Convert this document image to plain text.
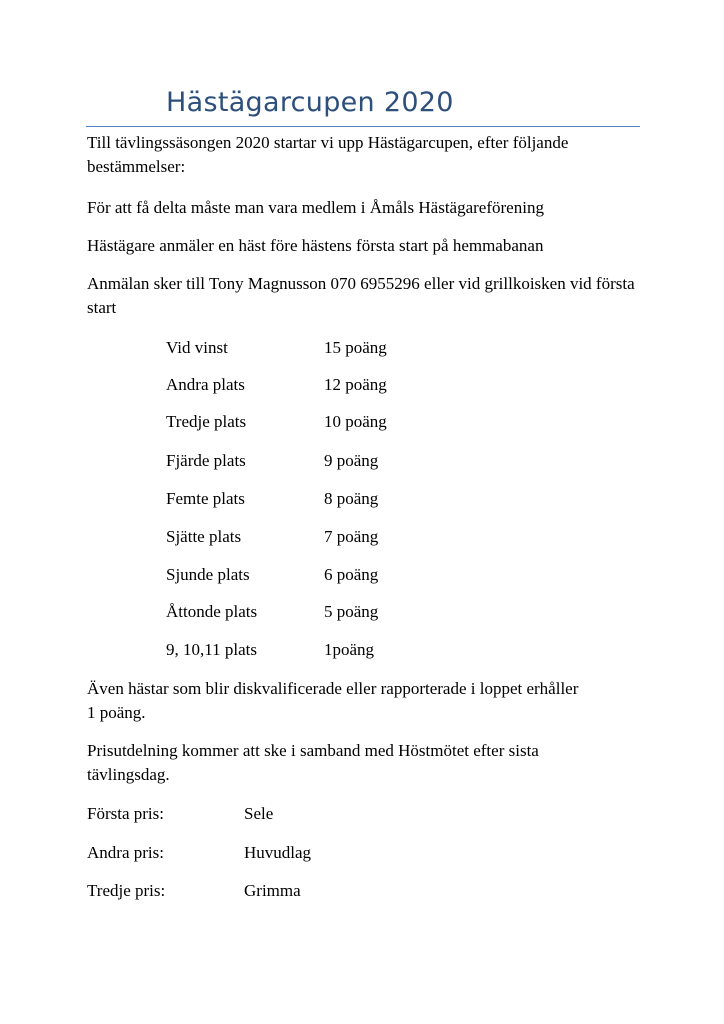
Hästägarcupen 2020

Till tävlingssäsongen 2020 startar vi upp Hästägarcupen, efter följande bestämmelser:

För att få delta måste man vara medlem i Åmåls Hästägareförening

Hästägare anmäler en häst före hästens första start på hemmabanan

Anmälan sker till Tony Magnusson 070 6955296 eller vid grillkoisken vid första start

Vid vinst	15 poäng
Andra plats	12 poäng
Tredje plats	10 poäng
Fjärde plats	9 poäng
Femte plats	8 poäng
Sjätte plats	7 poäng
Sjunde plats	6 poäng
Åttonde plats	5 poäng
9, 10,11 plats	1poäng

Även hästar som blir diskvalificerade eller rapporterade i loppet erhåller 1 poäng.

Prisutdelning kommer att ske i samband med Höstmötet efter sista tävlingsdag.

Första pris:	Sele
Andra pris:	Huvudlag
Tredje pris:	Grimma
